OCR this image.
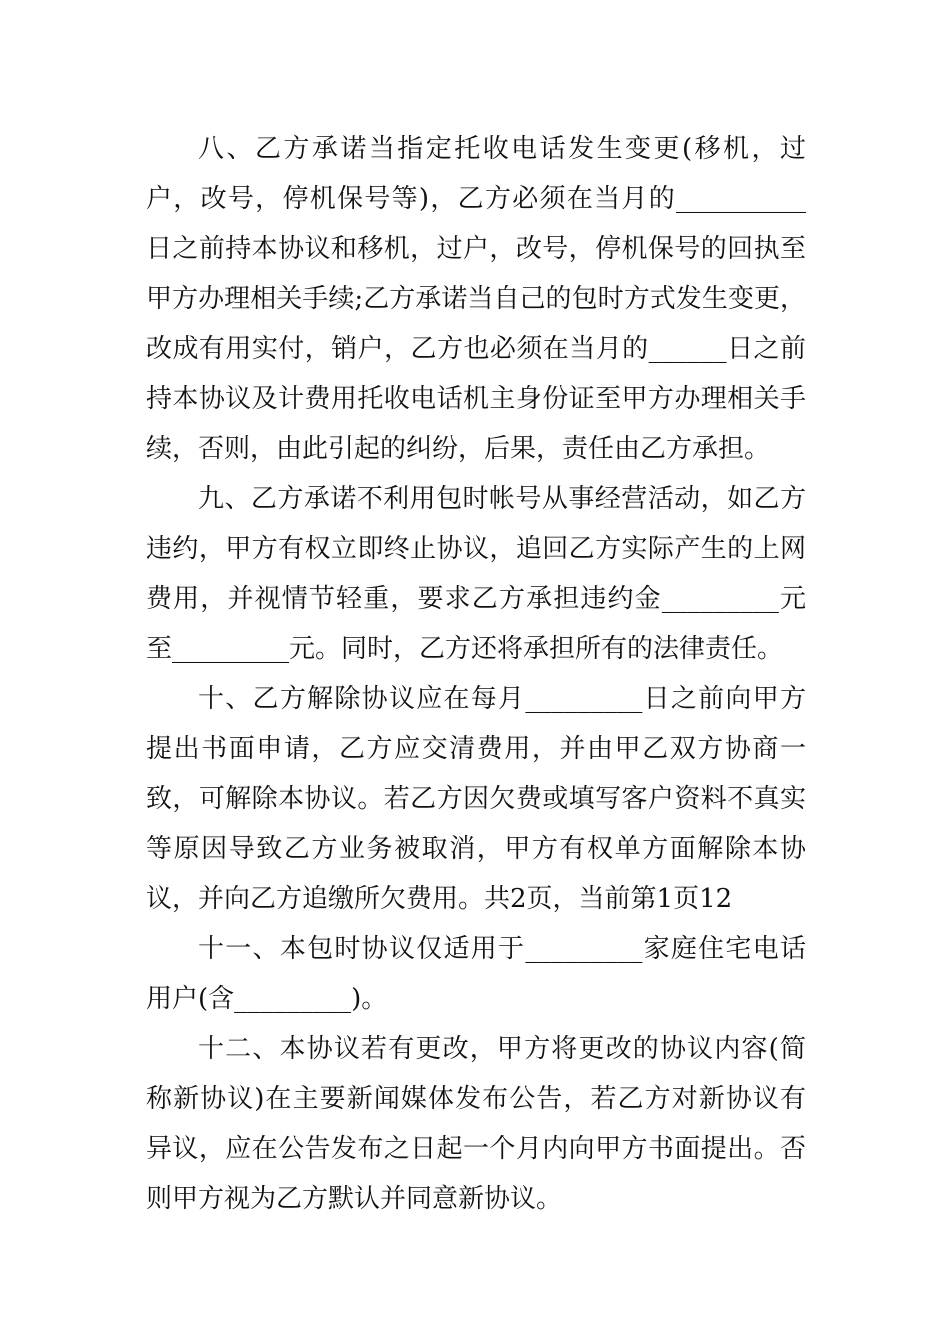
八、乙方承诺当指定托收电话发生变更(移机，过户，改号，停机保号等)，乙方必须在当月的__________日之前持本协议和移机，过户，改号，停机保号的回执至甲方办理相关手续;乙方承诺当自己的包时方式发生变更，改成有用实付，销户，乙方也必须在当月的______日之前持本协议及计费用托收电话机主身份证至甲方办理相关手续，否则，由此引起的纠纷，后果，责任由乙方承担。

九、乙方承诺不利用包时帐号从事经营活动，如乙方违约，甲方有权立即终止协议，追回乙方实际产生的上网费用，并视情节轻重，要求乙方承担违约金_________元至_________元。同时，乙方还将承担所有的法律责任。

十、乙方解除协议应在每月_________日之前向甲方提出书面申请，乙方应交清费用，并由甲乙双方协商一致，可解除本协议。若乙方因欠费或填写客户资料不真实等原因导致乙方业务被取消，甲方有权单方面解除本协议，并向乙方追缴所欠费用。共2页，当前第1页12

十一、本包时协议仅适用于_________家庭住宅电话用户(含_________)。

十二、本协议若有更改，甲方将更改的协议内容(简称新协议)在主要新闻媒体发布公告，若乙方对新协议有异议，应在公告发布之日起一个月内向甲方书面提出。否则甲方视为乙方默认并同意新协议。
